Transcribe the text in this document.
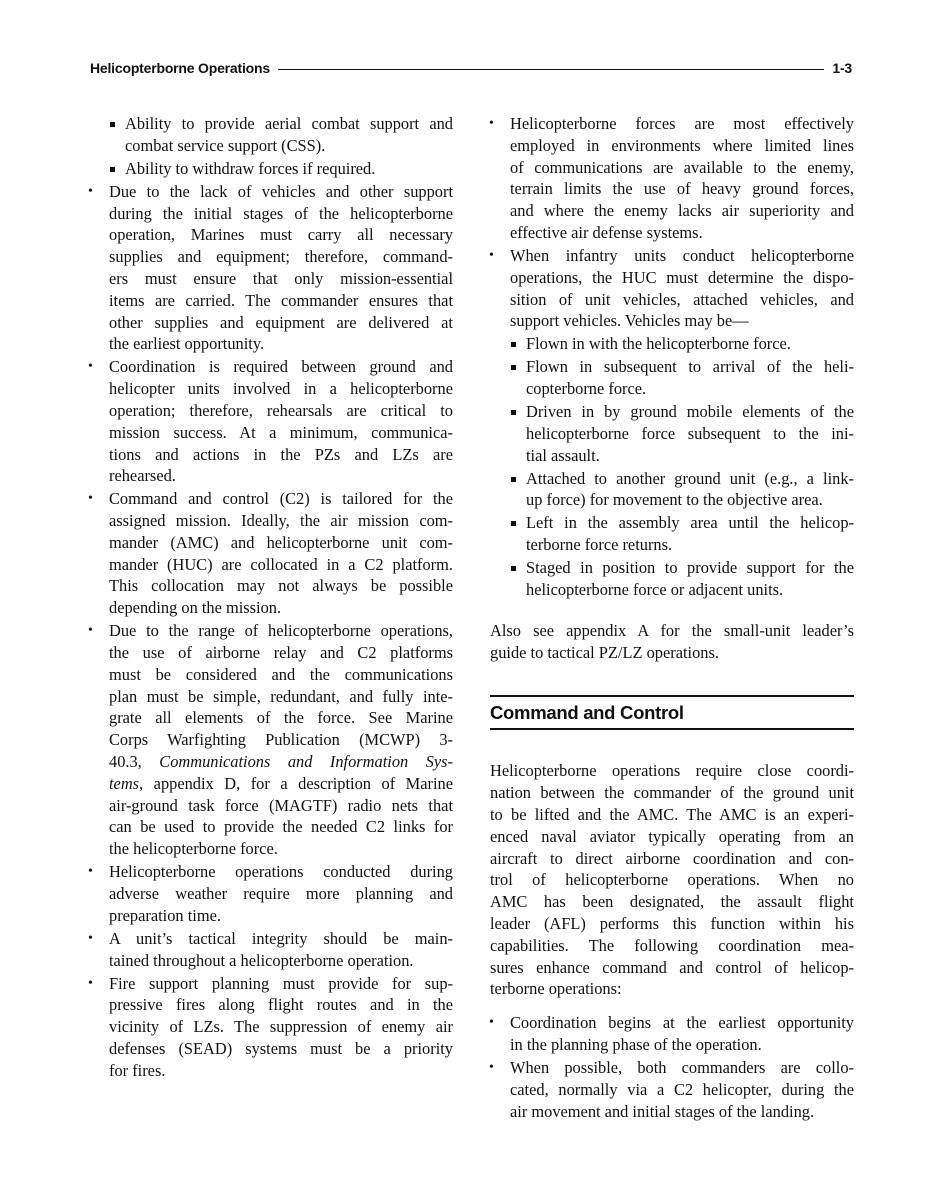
Helicopterborne Operations	1-3
Ability to provide aerial combat support and
combat service support (CSS).
Ability to withdraw forces if required.
• Due to the lack of vehicles and other support
during the initial stages of the helicopterborne
operation, Marines must carry all necessary
supplies and equipment; therefore, command-
ers must ensure that only mission-essential
items are carried. The commander ensures that
other supplies and equipment are delivered at
the earliest opportunity.
• Coordination is required between ground and
helicopter units involved in a helicopterborne
operation; therefore, rehearsals are critical to
mission success. At a minimum, communica-
tions and actions in the PZs and LZs are
rehearsed.
• Command and control (C2) is tailored for the
assigned mission. Ideally, the air mission com-
mander (AMC) and helicopterborne unit com-
mander (HUC) are collocated in a C2 platform.
This collocation may not always be possible
depending on the mission.
• Due to the range of helicopterborne operations,
the use of airborne relay and C2 platforms
must be considered and the communications
plan must be simple, redundant, and fully inte-
grate all elements of the force. See Marine
Corps Warfighting Publication (MCWP) 3-
40.3, Communications and Information Sys-
tems, appendix D, for a description of Marine
air-ground task force (MAGTF) radio nets that
can be used to provide the needed C2 links for
the helicopterborne force.
• Helicopterborne operations conducted during
adverse weather require more planning and
preparation time.
• A unit’s tactical integrity should be main-
tained throughout a helicopterborne operation.
• Fire support planning must provide for sup-
pressive fires along flight routes and in the
vicinity of LZs. The suppression of enemy air
defenses (SEAD) systems must be a priority
for fires.
• Helicopterborne forces are most effectively
employed in environments where limited lines
of communications are available to the enemy,
terrain limits the use of heavy ground forces,
and where the enemy lacks air superiority and
effective air defense systems.
• When infantry units conduct helicopterborne
operations, the HUC must determine the dispo-
sition of unit vehicles, attached vehicles, and
support vehicles. Vehicles may be—
Flown in with the helicopterborne force.
Flown in subsequent to arrival of the heli-
copterborne force.
Driven in by ground mobile elements of the
helicopterborne force subsequent to the ini-
tial assault.
Attached to another ground unit (e.g., a link-
up force) for movement to the objective area.
Left in the assembly area until the helicop-
terborne force returns.
Staged in position to provide support for the
helicopterborne force or adjacent units.
Also see appendix A for the small-unit leader’s
guide to tactical PZ/LZ operations.
Command and Control
Helicopterborne operations require close coordi-
nation between the commander of the ground unit
to be lifted and the AMC. The AMC is an experi-
enced naval aviator typically operating from an
aircraft to direct airborne coordination and con-
trol of helicopterborne operations. When no
AMC has been designated, the assault flight
leader (AFL) performs this function within his
capabilities. The following coordination mea-
sures enhance command and control of helicop-
terborne operations:
• Coordination begins at the earliest opportunity
in the planning phase of the operation.
• When possible, both commanders are collo-
cated, normally via a C2 helicopter, during the
air movement and initial stages of the landing.
